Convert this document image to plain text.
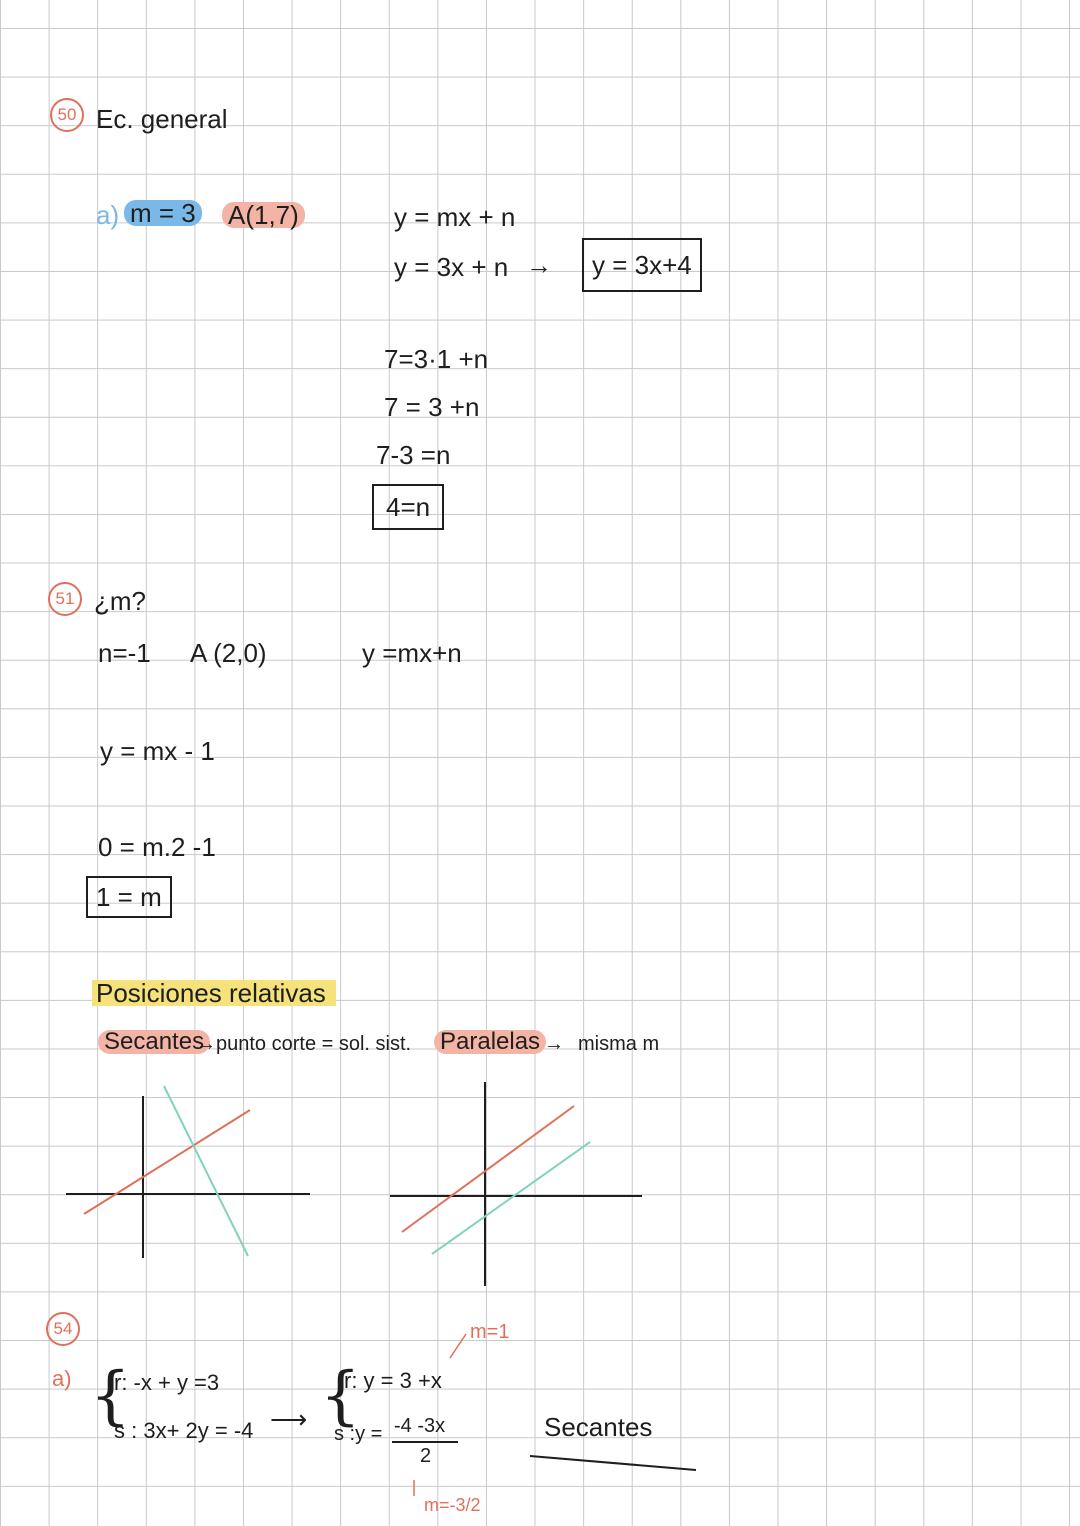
50 Ec. general
a) m = 3 A(1,7)	y = mx + n
y = 3x + n →	y = 3x+4
7=3·1 +n
7 = 3 +n
7-3 =n
4=n
51 ¿m?
n=-1 A (2,0)	y =mx+n
y = mx - 1
0 = m.2 -1
1 = m
Posiciones relativas
Secantes
→punto corte = sol. sist. Paralelas → misma m
54
a) {
r: -x + y =3
s : 3x+ 2y = -4 ⟶ {
r: y = 3 +x
s :y = -4 -3x
2
m=1
m=-3/2
Secantes
